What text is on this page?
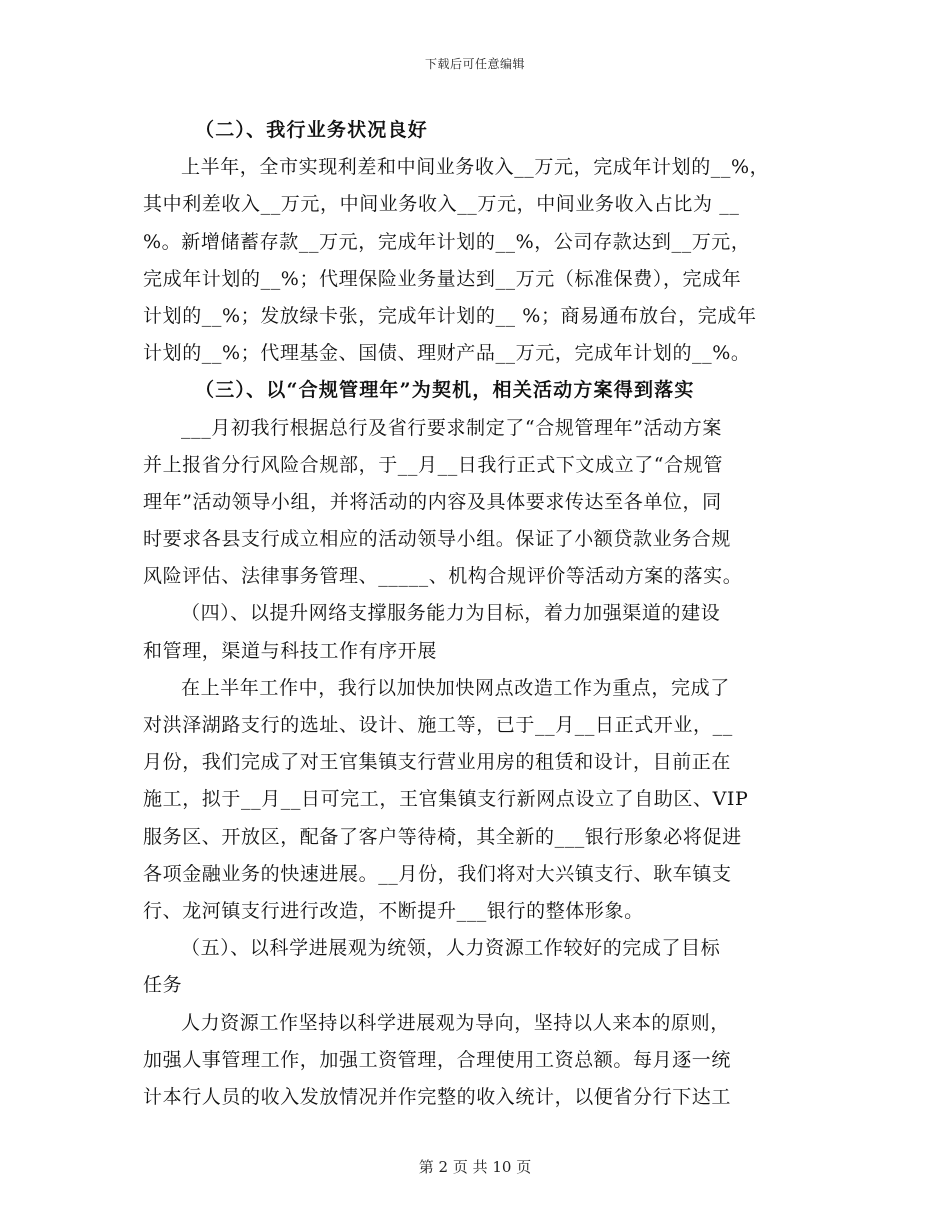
下载后可任意编辑
（二）、我行业务状况良好
上半年，全市实现利差和中间业务收入__万元，完成年计划的__%，
其中利差收入__万元，中间业务收入__万元，中间业务收入占比为 __
%。新增储蓄存款__万元，完成年计划的__%，公司存款达到__万元，
完成年计划的__%；代理保险业务量达到__万元（标准保费），完成年
计划的__%；发放绿卡张，完成年计划的__ %；商易通布放台，完成年
计划的__%；代理基金、国债、理财产品__万元，完成年计划的__%。
（三）、以“合规管理年”为契机，相关活动方案得到落实
___月初我行根据总行及省行要求制定了“合规管理年”活动方案
并上报省分行风险合规部，于__月__日我行正式下文成立了“合规管
理年”活动领导小组，并将活动的内容及具体要求传达至各单位，同
时要求各县支行成立相应的活动领导小组。保证了小额贷款业务合规
风险评估、法律事务管理、_____、机构合规评价等活动方案的落实。
（四）、以提升网络支撑服务能力为目标，着力加强渠道的建设
和管理，渠道与科技工作有序开展
在上半年工作中，我行以加快加快网点改造工作为重点，完成了
对洪泽湖路支行的选址、设计、施工等，已于__月__日正式开业，__
月份，我们完成了对王官集镇支行营业用房的租赁和设计，目前正在
施工，拟于__月__日可完工，王官集镇支行新网点设立了自助区、VIP
服务区、开放区，配备了客户等待椅，其全新的___银行形象必将促进
各项金融业务的快速进展。__月份，我们将对大兴镇支行、耿车镇支
行、龙河镇支行进行改造，不断提升___银行的整体形象。
（五）、以科学进展观为统领，人力资源工作较好的完成了目标
任务
人力资源工作坚持以科学进展观为导向，坚持以人来本的原则，
加强人事管理工作，加强工资管理，合理使用工资总额。每月逐一统
计本行人员的收入发放情况并作完整的收入统计，以便省分行下达工
第 2 页 共 10 页
